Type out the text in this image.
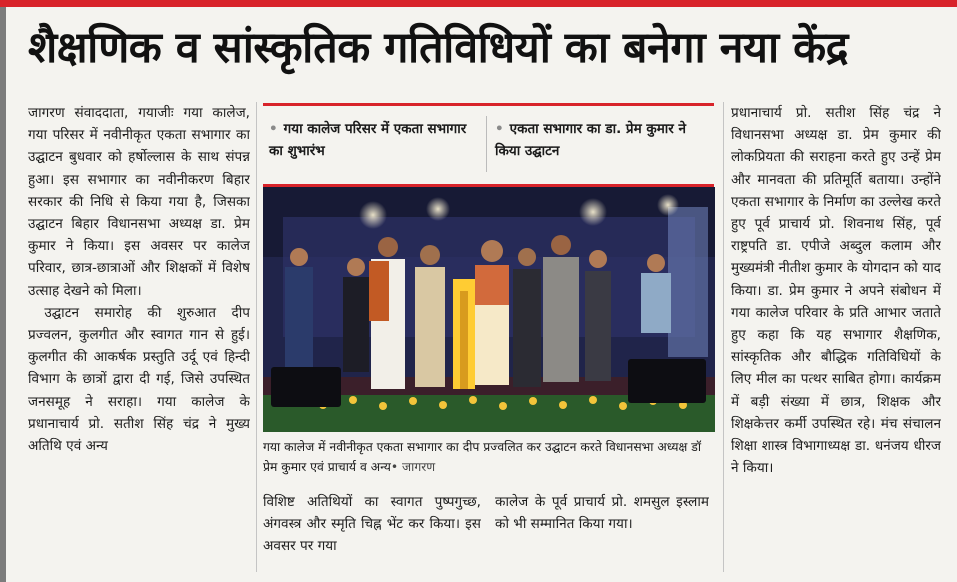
शैक्षणिक व सांस्कृतिक गतिविधियों का बनेगा नया केंद्र

जागरण संवाददाता, गयाजीः गया कालेज, गया परिसर में नवीनीकृत एकता सभागार का उद्घाटन बुधवार को हर्षोल्लास के साथ संपन्न हुआ। इस सभागार का नवीनीकरण बिहार सरकार की निधि से किया गया है, जिसका उद्घाटन बिहार विधानसभा अध्यक्ष डा. प्रेम कुमार ने किया। इस अवसर पर कालेज परिवार, छात्र-छात्राओं और शिक्षकों में विशेष उत्साह देखने को मिला।

उद्घाटन समारोह की शुरुआत दीप प्रज्वलन, कुलगीत और स्वागत गान से हुई। कुलगीत की आकर्षक प्रस्तुति उर्दू एवं हिन्दी विभाग के छात्रों द्वारा दी गई, जिसे उपस्थित जनसमूह ने सराहा। गया कालेज के प्रधानाचार्य प्रो. सतीश सिंह चंद्र ने मुख्य अतिथि एवं अन्य

• गया कालेज परिसर में एकता सभागार का शुभारंभ
• एकता सभागार का डा. प्रेम कुमार ने किया उद्घाटन
गया कालेज में नवीनीकृत एकता सभागार का दीप प्रज्वलित कर उद्घाटन करते विधानसभा अध्यक्ष डॉ प्रेम कुमार एवं प्राचार्य व अन्य• जागरण

विशिष्ट अतिथियों का स्वागत पुष्पगुच्छ, अंगवस्त्र और स्मृति चिह्न भेंट कर किया। इस अवसर पर गया

कालेज के पूर्व प्राचार्य प्रो. शमसुल इस्लाम को भी सम्मानित किया गया।

प्रधानाचार्य प्रो. सतीश सिंह चंद्र ने विधानसभा अध्यक्ष डा. प्रेम कुमार की लोकप्रियता की सराहना करते हुए उन्हें प्रेम और मानवता की प्रतिमूर्ति बताया। उन्होंने एकता सभागार के निर्माण का उल्लेख करते हुए पूर्व प्राचार्य प्रो. शिवनाथ सिंह, पूर्व राष्ट्रपति डा. एपीजे अब्दुल कलाम और मुख्यमंत्री नीतीश कुमार के योगदान को याद किया। डा. प्रेम कुमार ने अपने संबोधन में गया कालेज परिवार के प्रति आभार जताते हुए कहा कि यह सभागार शैक्षणिक, सांस्कृतिक और बौद्धिक गतिविधियों के लिए मील का पत्थर साबित होगा। कार्यक्रम में बड़ी संख्या में छात्र, शिक्षक और शिक्षकेत्तर कर्मी उपस्थित रहे। मंच संचालन शिक्षा शास्त्र विभागाध्यक्ष डा. धनंजय धीरज ने किया।
